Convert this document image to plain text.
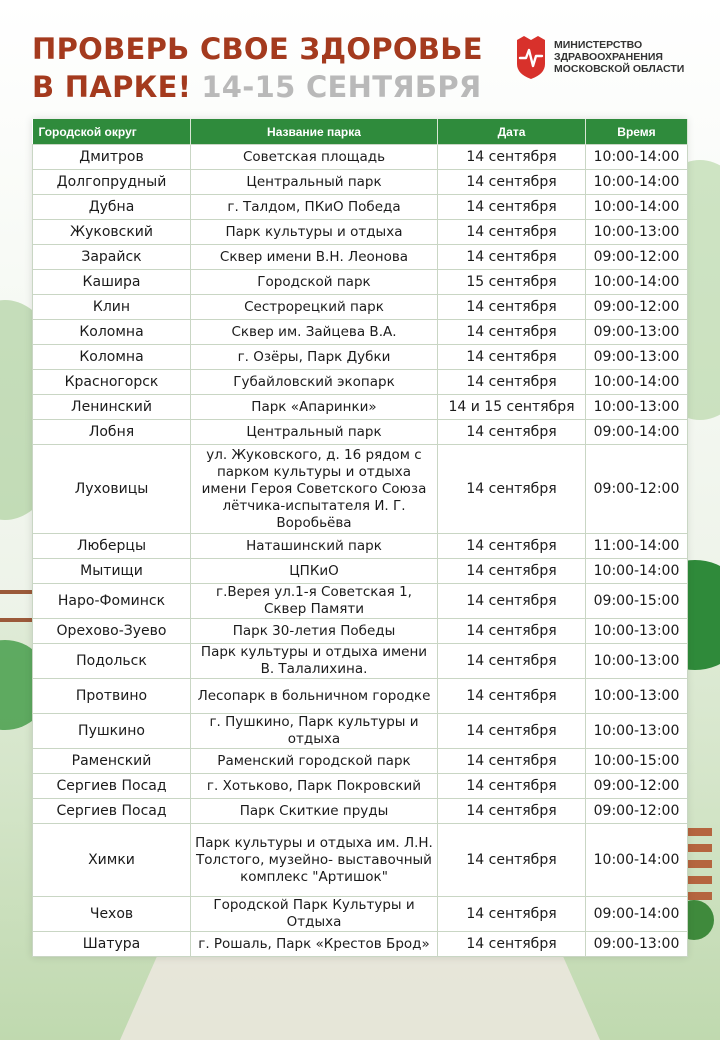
ПРОВЕРЬ СВОЕ ЗДОРОВЬЕ
В ПАРКЕ! 14-15 СЕНТЯБРЯ
МИНИСТЕРСТВО
ЗДРАВООХРАНЕНИЯ
МОСКОВСКОЙ ОБЛАСТИ
Городской округ	Название парка	Дата	Время
Дмитров	Советская площадь	14 сентября	10:00-14:00
Долгопрудный	Центральный парк	14 сентября	10:00-14:00
Дубна	г. Талдом, ПКиО Победа	14 сентября	10:00-14:00
Жуковский	Парк культуры и отдыха	14 сентября	10:00-13:00
Зарайск	Сквер имени В.Н. Леонова	14 сентября	09:00-12:00
Кашира	Городской парк	15 сентября	10:00-14:00
Клин	Сестрорецкий парк	14 сентября	09:00-12:00
Коломна	Сквер им. Зайцева В.А.	14 сентября	09:00-13:00
Коломна	г. Озёры, Парк Дубки	14 сентября	09:00-13:00
Красногорск	Губайловский экопарк	14 сентября	10:00-14:00
Ленинский	Парк «Апаринки»	14 и 15 сентября	10:00-13:00
Лобня	Центральный парк	14 сентября	09:00-14:00
Луховицы	ул. Жуковского, д. 16 рядом с парком культуры и отдыха имени Героя Советского Союза лётчика-испытателя И. Г. Воробьёва	14 сентября	09:00-12:00
Люберцы	Наташинский парк	14 сентября	11:00-14:00
Мытищи	ЦПКиО	14 сентября	10:00-14:00
Наро-Фоминск	г.Верея ул.1-я Советская 1, Сквер Памяти	14 сентября	09:00-15:00
Орехово-Зуево	Парк 30-летия Победы	14 сентября	10:00-13:00
Подольск	Парк культуры и отдыха имени В. Талалихина.	14 сентября	10:00-13:00
Протвино	Лесопарк в больничном городке	14 сентября	10:00-13:00
Пушкино	г. Пушкино, Парк культуры и отдыха	14 сентября	10:00-13:00
Раменский	Раменский городской парк	14 сентября	10:00-15:00
Сергиев Посад	г. Хотьково, Парк Покровский	14 сентября	09:00-12:00
Сергиев Посад	Парк Скиткие пруды	14 сентября	09:00-12:00
Химки	Парк культуры и отдыха им. Л.Н. Толстого, музейно- выставочный комплекс "Артишок"	14 сентября	10:00-14:00
Чехов	Городской Парк Культуры и Отдыха	14 сентября	09:00-14:00
Шатура	г. Рошаль, Парк «Крестов Брод»	14 сентября	09:00-13:00
